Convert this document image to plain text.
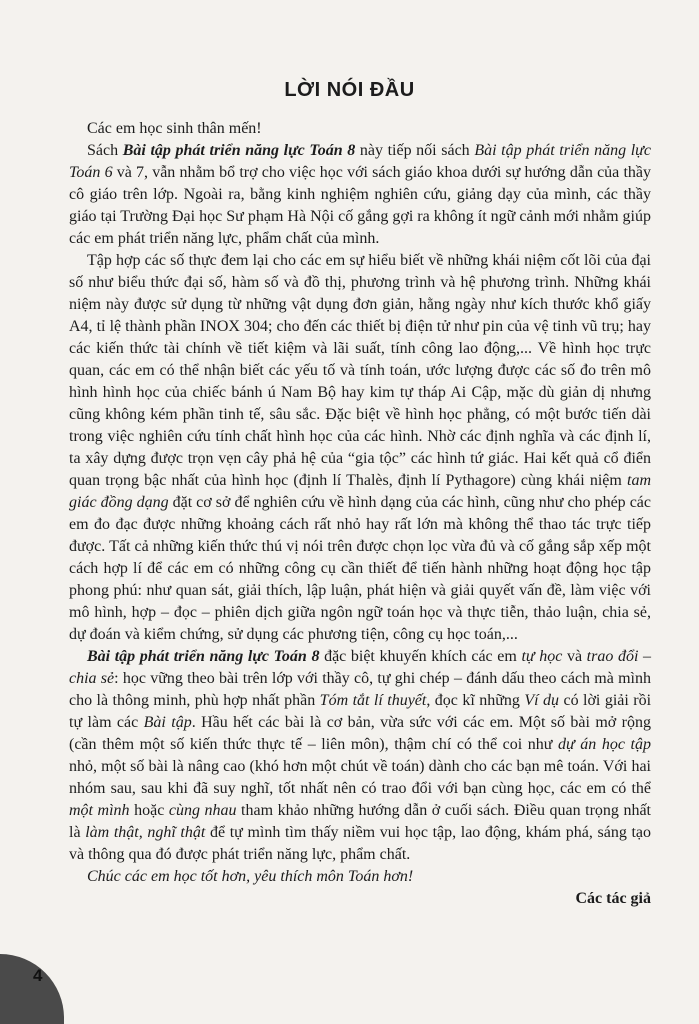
LỜI NÓI ĐẦU

Các em học sinh thân mến!

Sách Bài tập phát triển năng lực Toán 8 này tiếp nối sách Bài tập phát triển năng lực Toán 6 và 7, vẫn nhằm bổ trợ cho việc học với sách giáo khoa dưới sự hướng dẫn của thầy cô giáo trên lớp. Ngoài ra, bằng kinh nghiệm nghiên cứu, giảng dạy của mình, các thầy giáo tại Trường Đại học Sư phạm Hà Nội cố gắng gợi ra không ít ngữ cảnh mới nhằm giúp các em phát triển năng lực, phẩm chất của mình.

Tập hợp các số thực đem lại cho các em sự hiểu biết về những khái niệm cốt lõi của đại số như biểu thức đại số, hàm số và đồ thị, phương trình và hệ phương trình. Những khái niệm này được sử dụng từ những vật dụng đơn giản, hằng ngày như kích thước khổ giấy A4, tỉ lệ thành phần INOX 304; cho đến các thiết bị điện tử như pin của vệ tinh vũ trụ; hay các kiến thức tài chính về tiết kiệm và lãi suất, tính công lao động,... Về hình học trực quan, các em có thể nhận biết các yếu tố và tính toán, ước lượng được các số đo trên mô hình hình học của chiếc bánh ú Nam Bộ hay kim tự tháp Ai Cập, mặc dù giản dị nhưng cũng không kém phần tinh tế, sâu sắc. Đặc biệt về hình học phẳng, có một bước tiến dài trong việc nghiên cứu tính chất hình học của các hình. Nhờ các định nghĩa và các định lí, ta xây dựng được trọn vẹn cây phả hệ của “gia tộc” các hình tứ giác. Hai kết quả cổ điển quan trọng bậc nhất của hình học (định lí Thalès, định lí Pythagore) cùng khái niệm tam giác đồng dạng đặt cơ sở để nghiên cứu về hình dạng của các hình, cũng như cho phép các em đo đạc được những khoảng cách rất nhỏ hay rất lớn mà không thể thao tác trực tiếp được. Tất cả những kiến thức thú vị nói trên được chọn lọc vừa đủ và cố gắng sắp xếp một cách hợp lí để các em có những công cụ cần thiết để tiến hành những hoạt động học tập phong phú: như quan sát, giải thích, lập luận, phát hiện và giải quyết vấn đề, làm việc với mô hình, hợp – đọc – phiên dịch giữa ngôn ngữ toán học và thực tiễn, thảo luận, chia sẻ, dự đoán và kiểm chứng, sử dụng các phương tiện, công cụ học toán,...

Bài tập phát triển năng lực Toán 8 đặc biệt khuyến khích các em tự học và trao đổi – chia sẻ: học vững theo bài trên lớp với thầy cô, tự ghi chép – đánh dấu theo cách mà mình cho là thông minh, phù hợp nhất phần Tóm tắt lí thuyết, đọc kĩ những Ví dụ có lời giải rồi tự làm các Bài tập. Hầu hết các bài là cơ bản, vừa sức với các em. Một số bài mở rộng (cần thêm một số kiến thức thực tế – liên môn), thậm chí có thể coi như dự án học tập nhỏ, một số bài là nâng cao (khó hơn một chút về toán) dành cho các bạn mê toán. Với hai nhóm sau, sau khi đã suy nghĩ, tốt nhất nên có trao đổi với bạn cùng học, các em có thể một mình hoặc cùng nhau tham khảo những hướng dẫn ở cuối sách. Điều quan trọng nhất là làm thật, nghĩ thật để tự mình tìm thấy niềm vui học tập, lao động, khám phá, sáng tạo và thông qua đó được phát triển năng lực, phẩm chất.

Chúc các em học tốt hơn, yêu thích môn Toán hơn!

Các tác giả

4
